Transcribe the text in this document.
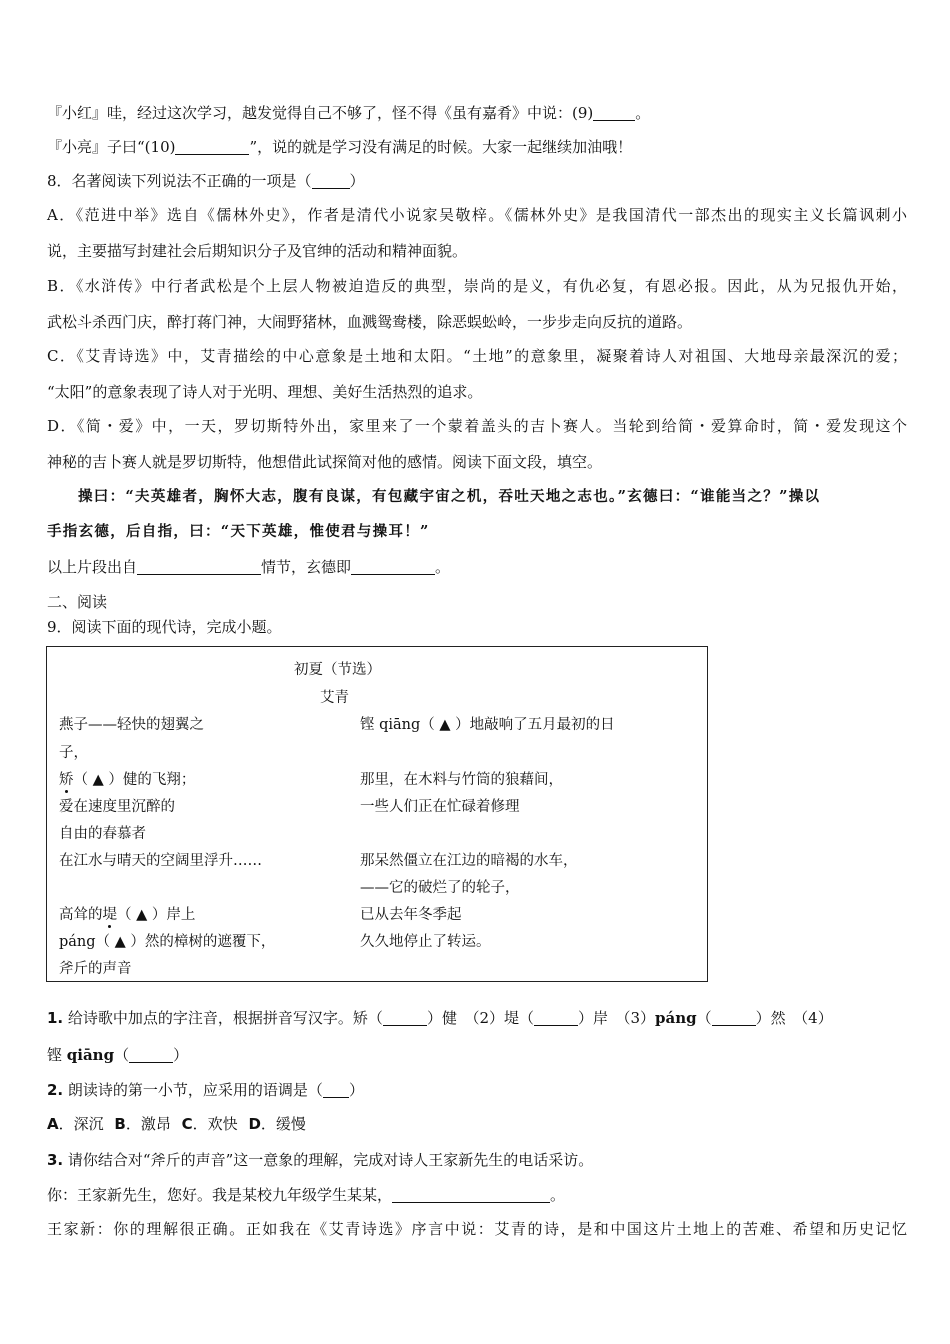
『小红』哇，经过这次学习，越发觉得自己不够了，怪不得《虽有嘉肴》中说：(9)	。
『小亮』子曰“(10)	”，说的就是学习没有满足的时候。大家一起继续加油哦！
8．名著阅读下列说法不正确的一项是（	）
A．《范进中举》选自《儒林外史》，作者是清代小说家吴敬梓。《儒林外史》是我国清代一部杰出的现实主义长篇讽刺小
说，主要描写封建社会后期知识分子及官绅的活动和精神面貌。
B．《水浒传》中行者武松是个上层人物被迫造反的典型，崇尚的是义，有仇必复，有恩必报。因此，从为兄报仇开始，
武松斗杀西门庆，醉打蒋门神，大闹野猪林，血溅鸳鸯楼，除恶蜈蚣岭，一步步走向反抗的道路。
C．《艾青诗选》中，艾青描绘的中心意象是土地和太阳。“土地”的意象里，凝聚着诗人对祖国、大地母亲最深沉的爱；
“太阳”的意象表现了诗人对于光明、理想、美好生活热烈的追求。
D．《简・爱》中，一天，罗切斯特外出，家里来了一个蒙着盖头的吉卜赛人。当轮到给简・爱算命时，简・爱发现这个
神秘的吉卜赛人就是罗切斯特，他想借此试探简对他的感情。阅读下面文段，填空。
操曰：“夫英雄者，胸怀大志，腹有良谋，有包藏宇宙之机，吞吐天地之志也。”玄德曰：“谁能当之？”操以
手指玄德，后自指，曰：“天下英雄，惟使君与操耳！”
以上片段出自	情节，玄德即	。
二、阅读
9．阅读下面的现代诗，完成小题。
初夏（节选）
艾青
燕子——轻快的翅翼之
子，
矫（ ▲ ）健的飞翔；
爱在速度里沉醉的
自由的春慕者
在江水与晴天的空阔里浮升……
高耸的堤（ ▲ ）岸上
páng（ ▲ ）然的樟树的遮覆下，
斧斤的声音
铿 qiāng（ ▲ ）地敲响了五月最初的日
那里，在木料与竹筒的狼藉间，
一些人们正在忙碌着修理
那呆然僵立在江边的暗褐的水车，
——它的破烂了的轮子，
已从去年冬季起
久久地停止了转运。
1. 给诗歌中加点的字注音，根据拼音写汉字。矫（	）健　（2）堤（	）岸　（3）páng（	）然　（4）
铿 qiāng（	）
2. 朗读诗的第一小节，应采用的语调是（ ）
A．深沉 B．激昂 C．欢快 D．缓慢
3. 请你结合对“斧斤的声音”这一意象的理解，完成对诗人王家新先生的电话采访。
你：王家新先生，您好。我是某校九年级学生某某，	。
王家新：你的理解很正确。正如我在《艾青诗选》序言中说：艾青的诗，是和中国这片土地上的苦难、希望和历史记忆
